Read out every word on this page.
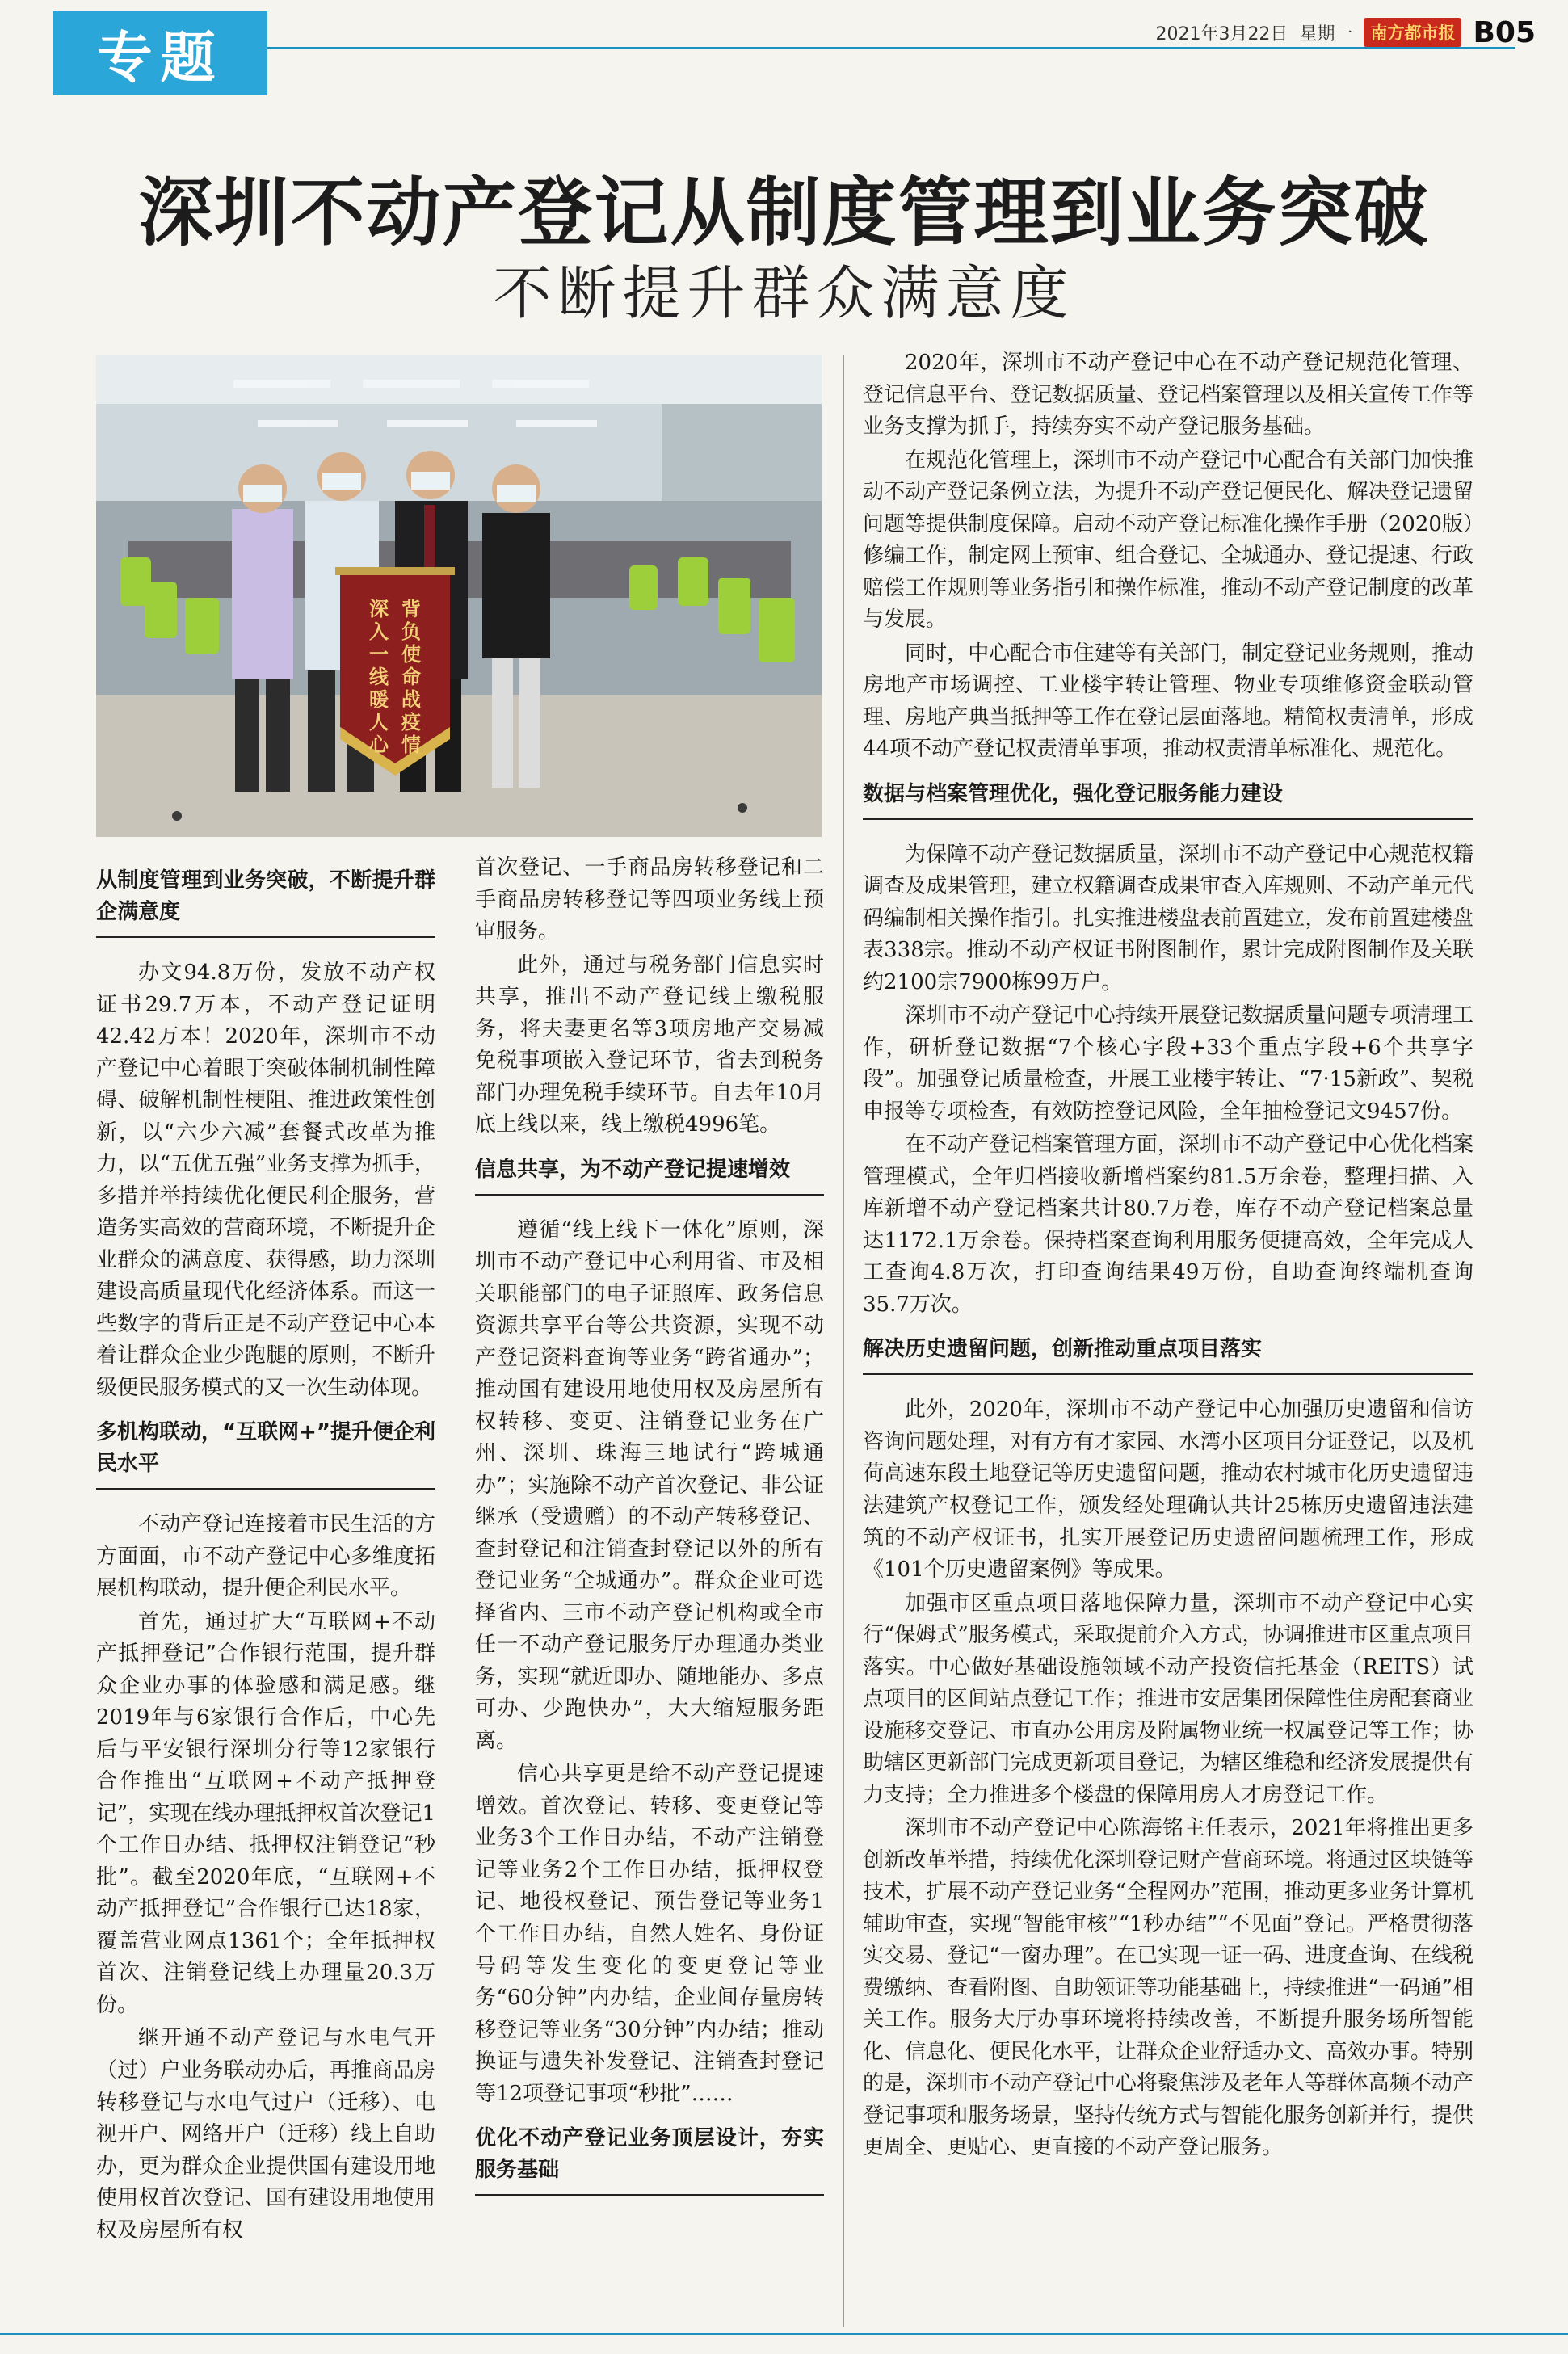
专题	2021年3月22日 星期一	南方都市报 B05
深圳不动产登记从制度管理到业务突破
不断提升群众满意度
背负使命战疫情
深入一线暖人心
从制度管理到业务突破，不断提升群企满意度

办文94.8万份，发放不动产权证书29.7万本，不动产登记证明42.42万本！2020年，深圳市不动产登记中心着眼于突破体制机制性障碍、破解机制性梗阻、推进政策性创新，以“六少六减”套餐式改革为推力，以“五优五强”业务支撑为抓手，多措并举持续优化便民利企服务，营造务实高效的营商环境，不断提升企业群众的满意度、获得感，助力深圳建设高质量现代化经济体系。而这一些数字的背后正是不动产登记中心本着让群众企业少跑腿的原则，不断升级便民服务模式的又一次生动体现。

多机构联动，“互联网+”提升便企利民水平

不动产登记连接着市民生活的方方面面，市不动产登记中心多维度拓展机构联动，提升便企利民水平。

首先，通过扩大“互联网+不动产抵押登记”合作银行范围，提升群众企业办事的体验感和满足感。继2019年与6家银行合作后，中心先后与平安银行深圳分行等12家银行合作推出“互联网+不动产抵押登记”，实现在线办理抵押权首次登记1个工作日办结、抵押权注销登记“秒批”。截至2020年底，“互联网+不动产抵押登记”合作银行已达18家，覆盖营业网点1361个；全年抵押权首次、注销登记线上办理量20.3万份。

继开通不动产登记与水电气开（过）户业务联动办后，再推商品房转移登记与水电气过户（迁移）、电视开户、网络开户（迁移）线上自助办，更为群众企业提供国有建设用地使用权首次登记、国有建设用地使用权及房屋所有权

首次登记、一手商品房转移登记和二手商品房转移登记等四项业务线上预审服务。

此外，通过与税务部门信息实时共享，推出不动产登记线上缴税服务，将夫妻更名等3项房地产交易减免税事项嵌入登记环节，省去到税务部门办理免税手续环节。自去年10月底上线以来，线上缴税4996笔。

信息共享，为不动产登记提速增效

遵循“线上线下一体化”原则，深圳市不动产登记中心利用省、市及相关职能部门的电子证照库、政务信息资源共享平台等公共资源，实现不动产登记资料查询等业务“跨省通办”；推动国有建设用地使用权及房屋所有权转移、变更、注销登记业务在广州、深圳、珠海三地试行“跨城通办”；实施除不动产首次登记、非公证继承（受遗赠）的不动产转移登记、查封登记和注销查封登记以外的所有登记业务“全城通办”。群众企业可选择省内、三市不动产登记机构或全市任一不动产登记服务厅办理通办类业务，实现“就近即办、随地能办、多点可办、少跑快办”，大大缩短服务距离。

信心共享更是给不动产登记提速增效。首次登记、转移、变更登记等业务3个工作日办结，不动产注销登记等业务2个工作日办结，抵押权登记、地役权登记、预告登记等业务1个工作日办结，自然人姓名、身份证号码等发生变化的变更登记等业务“60分钟”内办结，企业间存量房转移登记等业务“30分钟”内办结；推动换证与遗失补发登记、注销查封登记等12项登记事项“秒批”……

优化不动产登记业务顶层设计，夯实服务基础

2020年，深圳市不动产登记中心在不动产登记规范化管理、登记信息平台、登记数据质量、登记档案管理以及相关宣传工作等业务支撑为抓手，持续夯实不动产登记服务基础。

在规范化管理上，深圳市不动产登记中心配合有关部门加快推动不动产登记条例立法，为提升不动产登记便民化、解决登记遗留问题等提供制度保障。启动不动产登记标准化操作手册（2020版）修编工作，制定网上预审、组合登记、全城通办、登记提速、行政赔偿工作规则等业务指引和操作标准，推动不动产登记制度的改革与发展。

同时，中心配合市住建等有关部门，制定登记业务规则，推动房地产市场调控、工业楼宇转让管理、物业专项维修资金联动管理、房地产典当抵押等工作在登记层面落地。精简权责清单，形成44项不动产登记权责清单事项，推动权责清单标准化、规范化。

数据与档案管理优化，强化登记服务能力建设

为保障不动产登记数据质量，深圳市不动产登记中心规范权籍调查及成果管理，建立权籍调查成果审查入库规则、不动产单元代码编制相关操作指引。扎实推进楼盘表前置建立，发布前置建楼盘表338宗。推动不动产权证书附图制作，累计完成附图制作及关联约2100宗7900栋99万户。

深圳市不动产登记中心持续开展登记数据质量问题专项清理工作，研析登记数据“7个核心字段+33个重点字段+6个共享字段”。加强登记质量检查，开展工业楼宇转让、“7·15新政”、契税申报等专项检查，有效防控登记风险，全年抽检登记文9457份。

在不动产登记档案管理方面，深圳市不动产登记中心优化档案管理模式，全年归档接收新增档案约81.5万余卷，整理扫描、入库新增不动产登记档案共计80.7万卷，库存不动产登记档案总量达1172.1万余卷。保持档案查询利用服务便捷高效，全年完成人工查询4.8万次，打印查询结果49万份，自助查询终端机查询35.7万次。

解决历史遗留问题，创新推动重点项目落实

此外，2020年，深圳市不动产登记中心加强历史遗留和信访咨询问题处理，对有方有才家园、水湾小区项目分证登记，以及机荷高速东段土地登记等历史遗留问题，推动农村城市化历史遗留违法建筑产权登记工作，颁发经处理确认共计25栋历史遗留违法建筑的不动产权证书，扎实开展登记历史遗留问题梳理工作，形成《101个历史遗留案例》等成果。

加强市区重点项目落地保障力量，深圳市不动产登记中心实行“保姆式”服务模式，采取提前介入方式，协调推进市区重点项目落实。中心做好基础设施领域不动产投资信托基金（REITS）试点项目的区间站点登记工作；推进市安居集团保障性住房配套商业设施移交登记、市直办公用房及附属物业统一权属登记等工作；协助辖区更新部门完成更新项目登记，为辖区维稳和经济发展提供有力支持；全力推进多个楼盘的保障用房人才房登记工作。

深圳市不动产登记中心陈海铭主任表示，2021年将推出更多创新改革举措，持续优化深圳登记财产营商环境。将通过区块链等技术，扩展不动产登记业务“全程网办”范围，推动更多业务计算机辅助审查，实现“智能审核”“1秒办结”“不见面”登记。严格贯彻落实交易、登记“一窗办理”。在已实现一证一码、进度查询、在线税费缴纳、查看附图、自助领证等功能基础上，持续推进“一码通”相关工作。服务大厅办事环境将持续改善，不断提升服务场所智能化、信息化、便民化水平，让群众企业舒适办文、高效办事。特别的是，深圳市不动产登记中心将聚焦涉及老年人等群体高频不动产登记事项和服务场景，坚持传统方式与智能化服务创新并行，提供更周全、更贴心、更直接的不动产登记服务。
